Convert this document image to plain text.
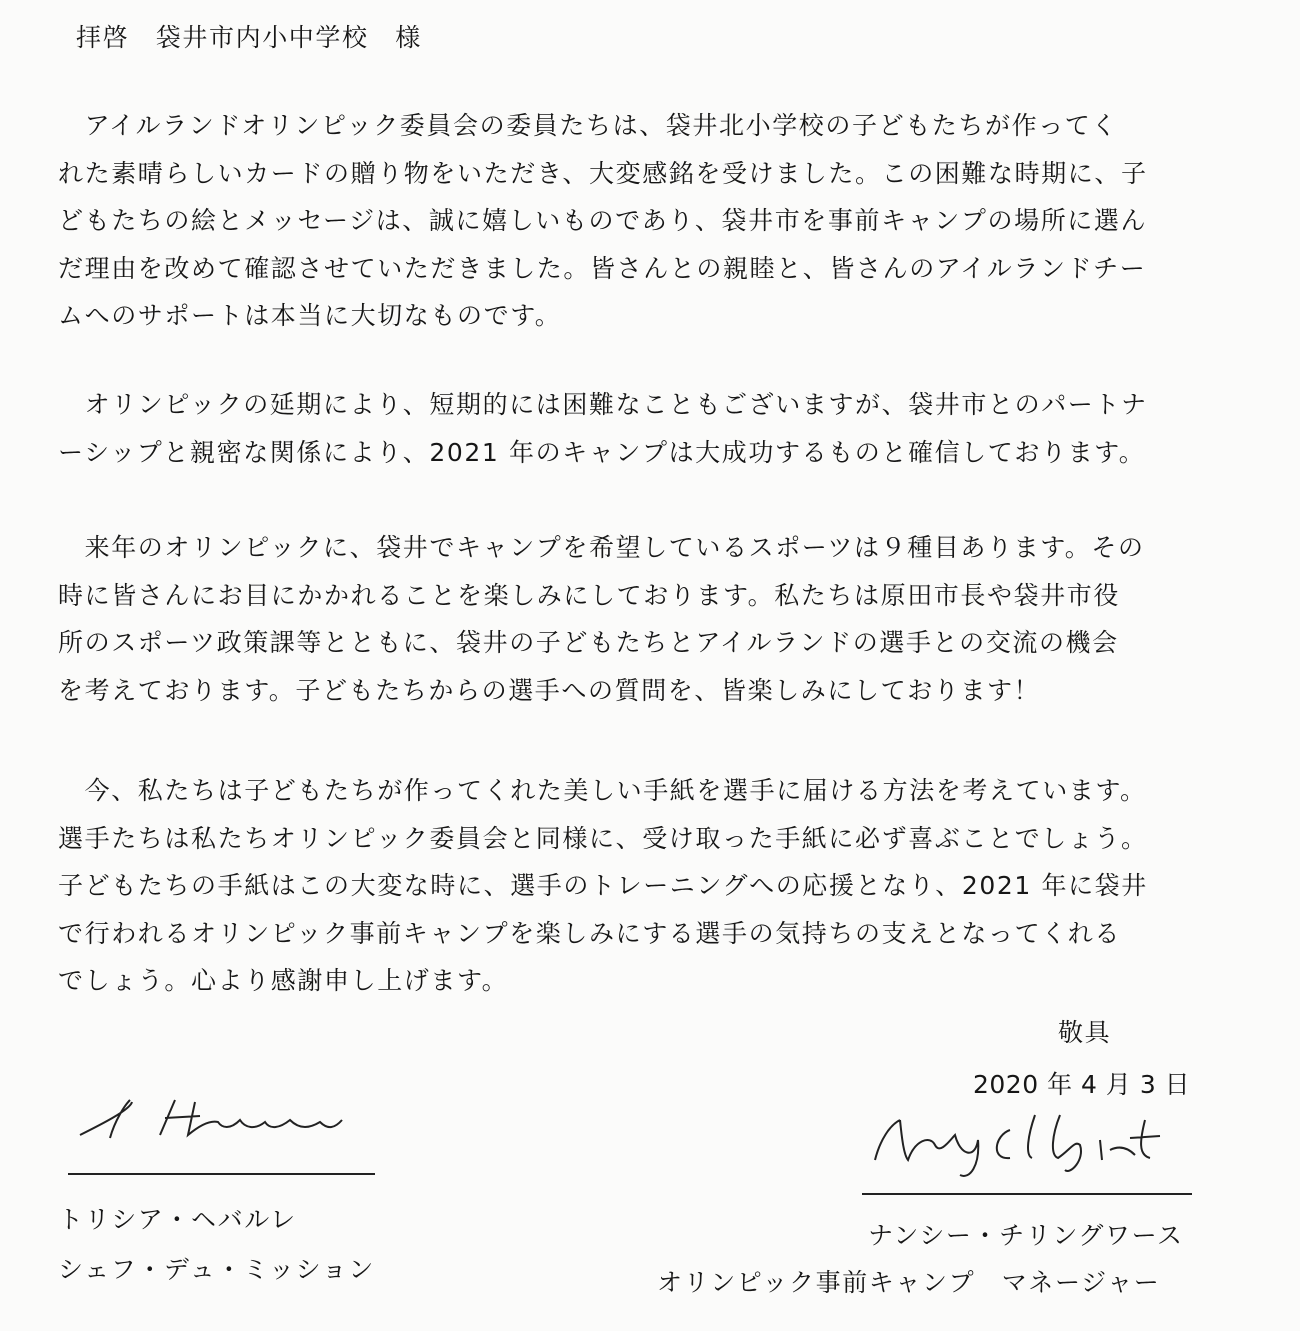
拝啓　袋井市内小中学校　様
　アイルランドオリンピック委員会の委員たちは、袋井北小学校の子どもたちが作ってく
れた素晴らしいカードの贈り物をいただき、大変感銘を受けました。この困難な時期に、子
どもたちの絵とメッセージは、誠に嬉しいものであり、袋井市を事前キャンプの場所に選ん
だ理由を改めて確認させていただきました。皆さんとの親睦と、皆さんのアイルランドチー
ムへのサポートは本当に大切なものです。
　オリンピックの延期により、短期的には困難なこともございますが、袋井市とのパートナ
ーシップと親密な関係により、2021 年のキャンプは大成功するものと確信しております。
　来年のオリンピックに、袋井でキャンプを希望しているスポーツは９種目あります。その
時に皆さんにお目にかかれることを楽しみにしております。私たちは原田市長や袋井市役
所のスポーツ政策課等とともに、袋井の子どもたちとアイルランドの選手との交流の機会
を考えております。子どもたちからの選手への質問を、皆楽しみにしております！
　今、私たちは子どもたちが作ってくれた美しい手紙を選手に届ける方法を考えています。
選手たちは私たちオリンピック委員会と同様に、受け取った手紙に必ず喜ぶことでしょう。
子どもたちの手紙はこの大変な時に、選手のトレーニングへの応援となり、2021 年に袋井
で行われるオリンピック事前キャンプを楽しみにする選手の気持ちの支えとなってくれる
でしょう。心より感謝申し上げます。
敬具
2020 年 4 月 3 日
トリシア・ヘバルレ
シェフ・デュ・ミッション
ナンシー・チリングワース
オリンピック事前キャンプ　マネージャー
